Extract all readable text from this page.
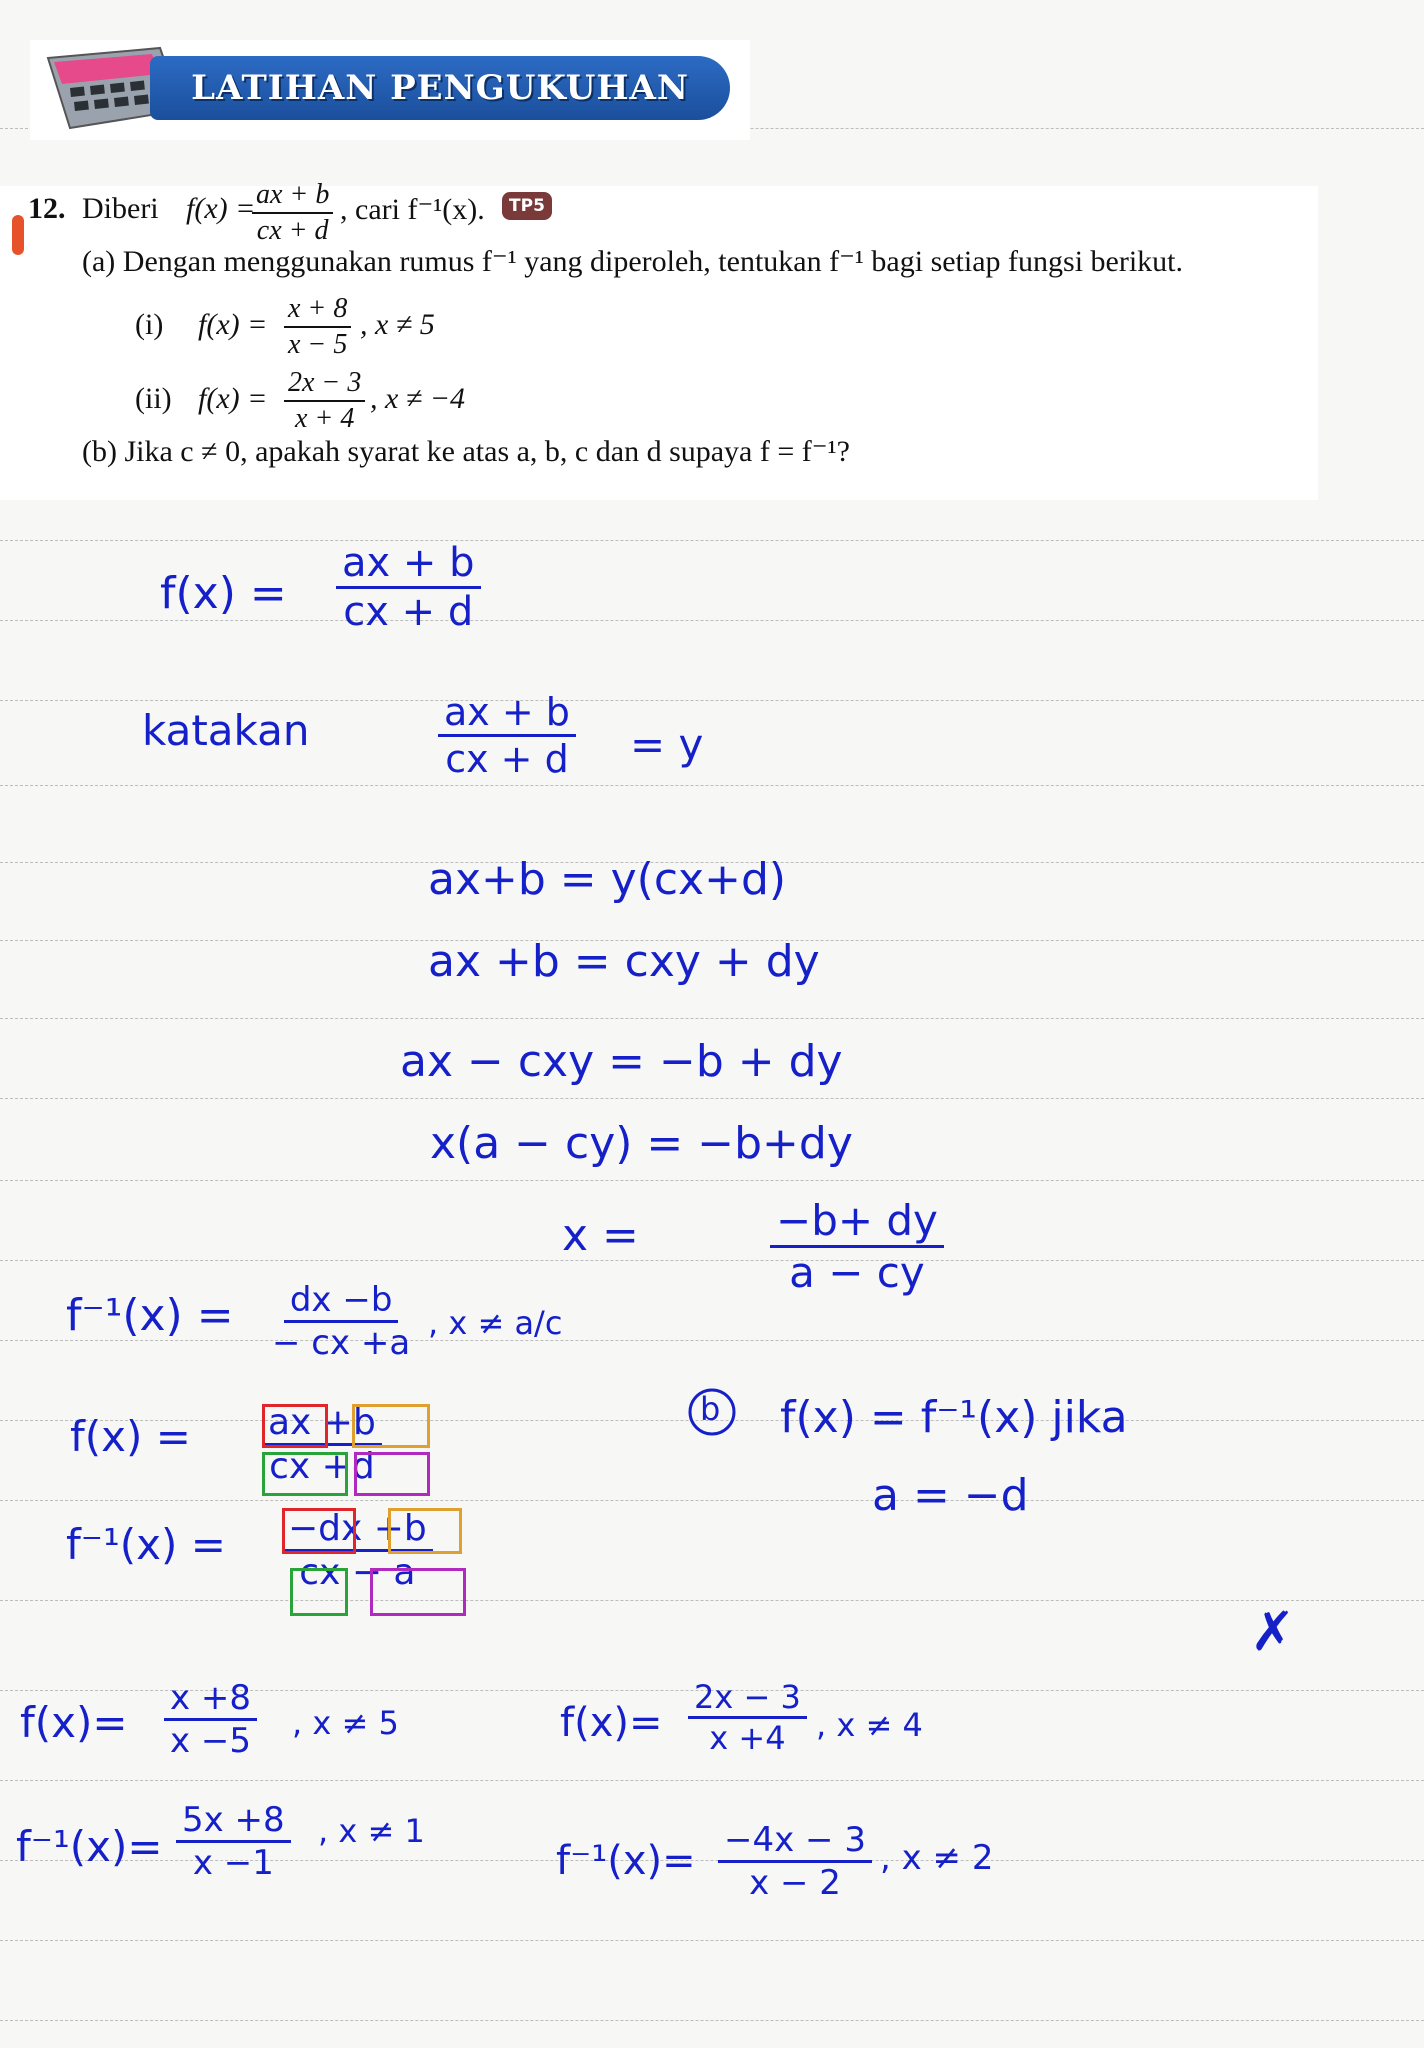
LATIHAN PENGUKUHAN
12. Diberi f(x) =
$\frac{ax + b}{cx + d}$ , cari f⁻¹(x).	TP5
(a) Dengan menggunakan rumus f⁻¹ yang diperoleh, tentukan f⁻¹ bagi setiap fungsi berikut.
(i) $f(x) = \frac{x + 8}{x - 5}$ , x ≠ 5
(ii) $f(x) = \frac{2x - 3}{x + 4}$ , x ≠ −4
(b) Jika c ≠ 0, apakah syarat ke atas a, b, c dan d supaya f = f⁻¹?
$f(x) = \frac{ax + b}{cx + d}$
katakan	$\frac{ax + b}{cx + d} = y$
ax+b = y(cx+d)
ax +b = cxy + dy
ax − cxy = −b + dy
x(a − cy) = −b+dy
x =	$\frac{-b+ dy}{a - cy}$
$f^{-1}(x) = \frac{dx -b}{- cx +a}$ , x ≠ a/c
$f(x) = \frac{ax +b}{cx +d}$
$f^{-1}(x) = \frac{-dx +b}{cx - a}$
b f(x) = f⁻¹(x) jika
a = −d
✗
$f(x)= \frac{x +8}{x -5}$ , x ≠ 5
$f^{-1}(x)= \frac{5x +8}{x -1}$ , x ≠ 1
$f(x)= \frac{2x - 3}{x +4}$ , x ≠ 4
$f^{-1}(x)= \frac{-4x - 3}{x - 2}$ , x ≠ 2
